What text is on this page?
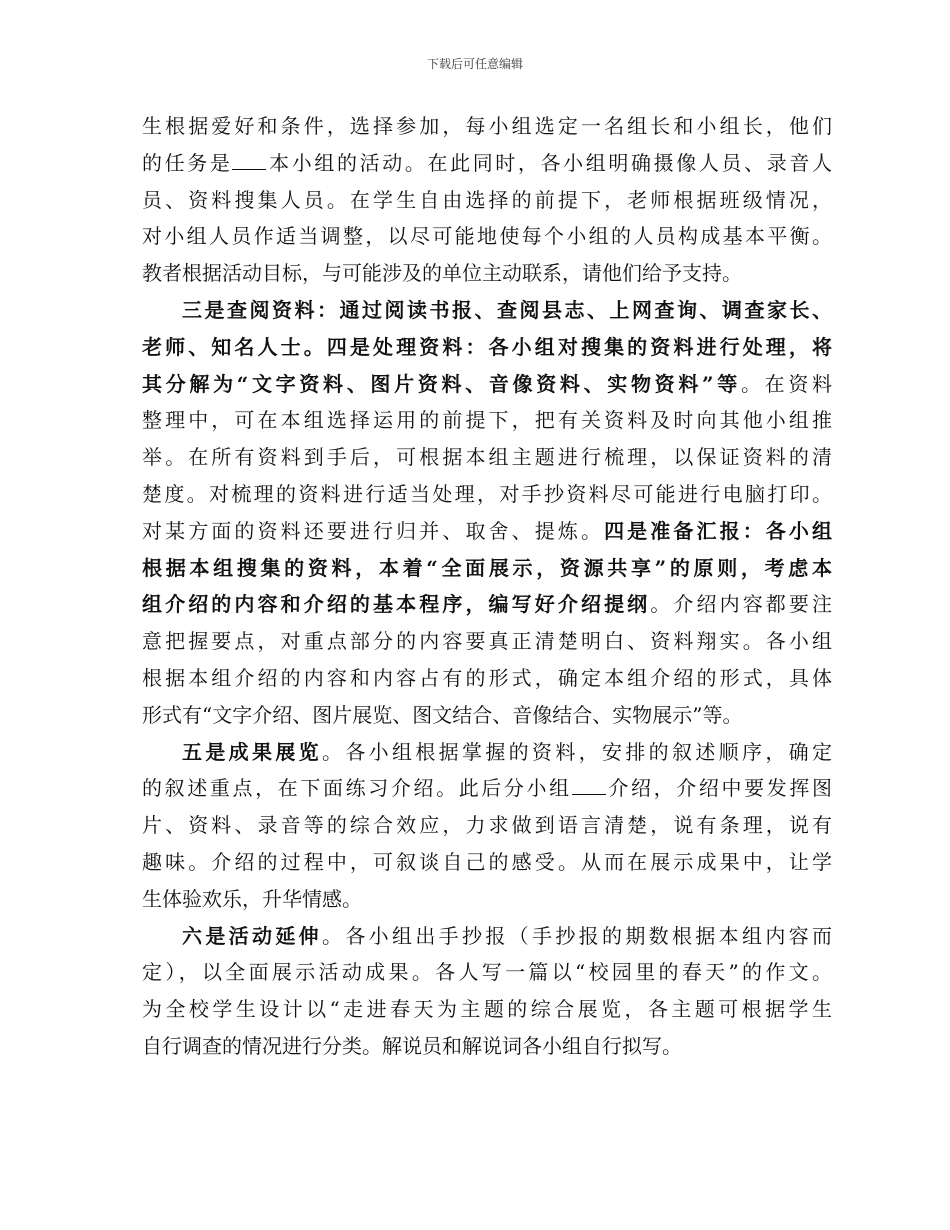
下载后可任意编辑
生根据爱好和条件，选择参加，每小组选定一名组长和小组长，他们
的任务是 本小组的活动。在此同时，各小组明确摄像人员、录音人
员、资料搜集人员。在学生自由选择的前提下，老师根据班级情况，
对小组人员作适当调整，以尽可能地使每个小组的人员构成基本平衡。
教者根据活动目标，与可能涉及的单位主动联系，请他们给予支持。
三是查阅资料：通过阅读书报、查阅县志、上网查询、调查家长、
老师、知名人士。四是处理资料：各小组对搜集的资料进行处理，将
其分解为“文字资料、图片资料、音像资料、实物资料”等。在资料
整理中，可在本组选择运用的前提下，把有关资料及时向其他小组推
举。在所有资料到手后，可根据本组主题进行梳理，以保证资料的清
楚度。对梳理的资料进行适当处理，对手抄资料尽可能进行电脑打印。
对某方面的资料还要进行归并、取舍、提炼。四是准备汇报：各小组
根据本组搜集的资料，本着“全面展示，资源共享”的原则，考虑本
组介绍的内容和介绍的基本程序，编写好介绍提纲。介绍内容都要注
意把握要点，对重点部分的内容要真正清楚明白、资料翔实。各小组
根据本组介绍的内容和内容占有的形式，确定本组介绍的形式，具体
形式有“文字介绍、图片展览、图文结合、音像结合、实物展示”等。
五是成果展览。各小组根据掌握的资料，安排的叙述顺序，确定
的叙述重点，在下面练习介绍。此后分小组 介绍，介绍中要发挥图
片、资料、录音等的综合效应，力求做到语言清楚，说有条理，说有
趣味。介绍的过程中，可叙谈自己的感受。从而在展示成果中，让学
生体验欢乐，升华情感。
六是活动延伸。各小组出手抄报（手抄报的期数根据本组内容而
定），以全面展示活动成果。各人写一篇以“校园里的春天”的作文。
为全校学生设计以“走进春天为主题的综合展览，各主题可根据学生
自行调查的情况进行分类。解说员和解说词各小组自行拟写。
